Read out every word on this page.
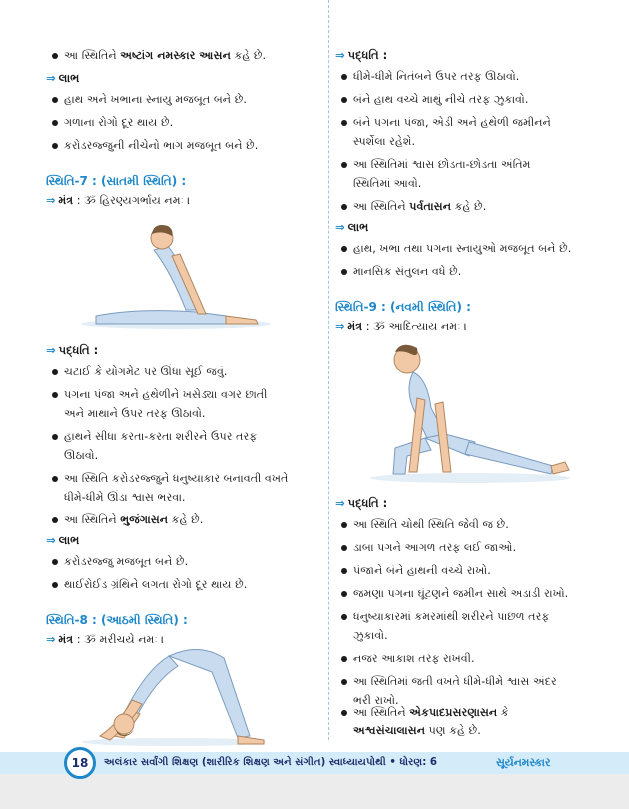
આ સ્થિતિને અષ્ટાંગ નમસ્કાર આસન કહે છે.
⇒ લાભ
હાથ અને ખભાના સ્નાયુ મજબૂત બને છે.
ગળાના રોગો દૂર થાય છે.
કરોડરજ્જુની નીચેનો ભાગ મજબૂત બને છે.
સ્થિતિ-7 : (સાતમી સ્થિતિ) :
⇒ મંત્ર : ૐ હિરણ્યગર્ભાય નમઃ ।
⇒ પદ્ધતિ :
ચટાઈ કે યોગમેટ પર ઊંધા સૂઈ જવું.
પગના પંજા અને હથેળીને ખસેડ્યા વગર છાતી
અને માથાને ઉપર તરફ ઊઠાવો.
હાથને સીધા કરતા-કરતા શરીરને ઉપર તરફ
ઊઠાવો.
આ સ્થિતિ કરોડરજ્જુને ધનુષ્યાકાર બનાવતી વખતે
ધીમે-ધીમે ઊંડા શ્વાસ ભરવા.
આ સ્થિતિને ભુજંગાસન કહે છે.
⇒ લાભ
કરોડરજ્જુ મજબૂત બને છે.
થાઈરોઈડ ગ્રંથિને લગતા રોગો દૂર થાય છે.
સ્થિતિ-8 : (આઠમી સ્થિતિ) :
⇒ મંત્ર : ૐ મરીચયે નમઃ ।
⇒ પદ્ધતિ :
ધીમે-ધીમે નિતંબને ઉપર તરફ ઊઠાવો.
બંને હાથ વચ્ચે માથું નીચે તરફ ઝુકાવો.
બંને પગના પંજા, એડી અને હથેળી જમીનને
સ્પર્શેલા રહેશે.
આ સ્થિતિમાં શ્વાસ છોડતા-છોડતા અંતિમ
સ્થિતિમાં આવો.
આ સ્થિતિને પર્વતાસન કહે છે.
⇒ લાભ
હાથ, ખભા તથા પગના સ્નાયુઓ મજબૂત બને છે.
માનસિક સંતુલન વધે છે.
સ્થિતિ-9 : (નવમી સ્થિતિ) :
⇒ મંત્ર : ૐ આદિત્યાય નમઃ ।
⇒ પદ્ધતિ :
આ સ્થિતિ ચોથી સ્થિતિ જેવી જ છે.
ડાબા પગને આગળ તરફ લઈ જાઓ.
પંજાને બંને હાથની વચ્ચે રાખો.
જમણા પગના ઘૂંટણને જમીન સાથે અડાડી રાખો.
ધનુષ્યાકારમાં કમરમાંથી શરીરને પાછળ તરફ
ઝુકાવો.
નજર આકાશ તરફ રાખવી.
આ સ્થિતિમાં જતી વખતે ધીમે-ધીમે શ્વાસ અંદર
ભરી રાખો.
આ સ્થિતિને એકપાદપ્રસરણાસન કે
અશ્વસંચાલાસન પણ કહે છે.
18	અલંકાર સર્વાંગી શિક્ષણ (શારીરિક શિક્ષણ અને સંગીત) સ્વાધ્યાયપોથી • ધોરણ: 6	સૂર્યનમસ્કાર
